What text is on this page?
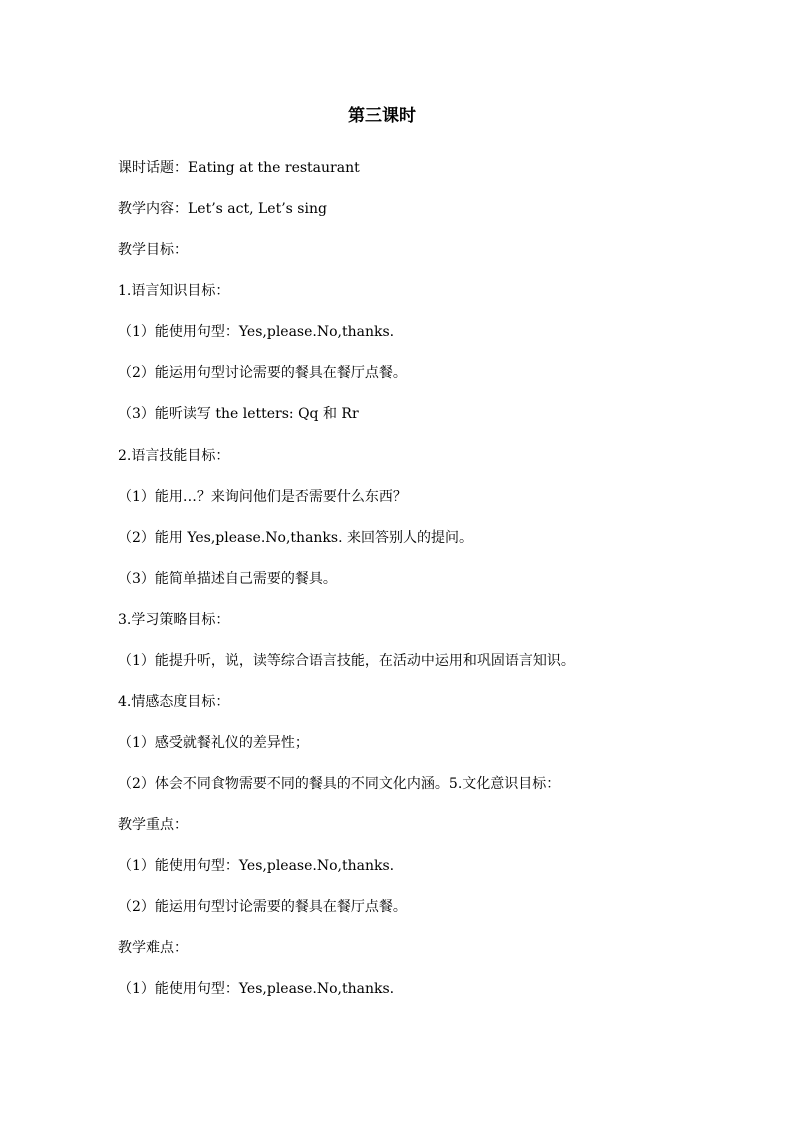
第三课时

课时话题：Eating at the restaurant

教学内容：Let’s act, Let’s sing

教学目标：

1.语言知识目标：

（1）能使用句型：Yes,please.No,thanks.

（2）能运用句型讨论需要的餐具在餐厅点餐。

（3）能听读写 the letters: Qq 和 Rr

2.语言技能目标：

（1）能用…？来询问他们是否需要什么东西？

（2）能用 Yes,please.No,thanks. 来回答别人的提问。

（3）能简单描述自己需要的餐具。

3.学习策略目标：

（1）能提升听，说，读等综合语言技能，在活动中运用和巩固语言知识。

4.情感态度目标：

（1）感受就餐礼仪的差异性；

（2）体会不同食物需要不同的餐具的不同文化内涵。5.文化意识目标：

教学重点：

（1）能使用句型：Yes,please.No,thanks.

（2）能运用句型讨论需要的餐具在餐厅点餐。

教学难点：

（1）能使用句型：Yes,please.No,thanks.
